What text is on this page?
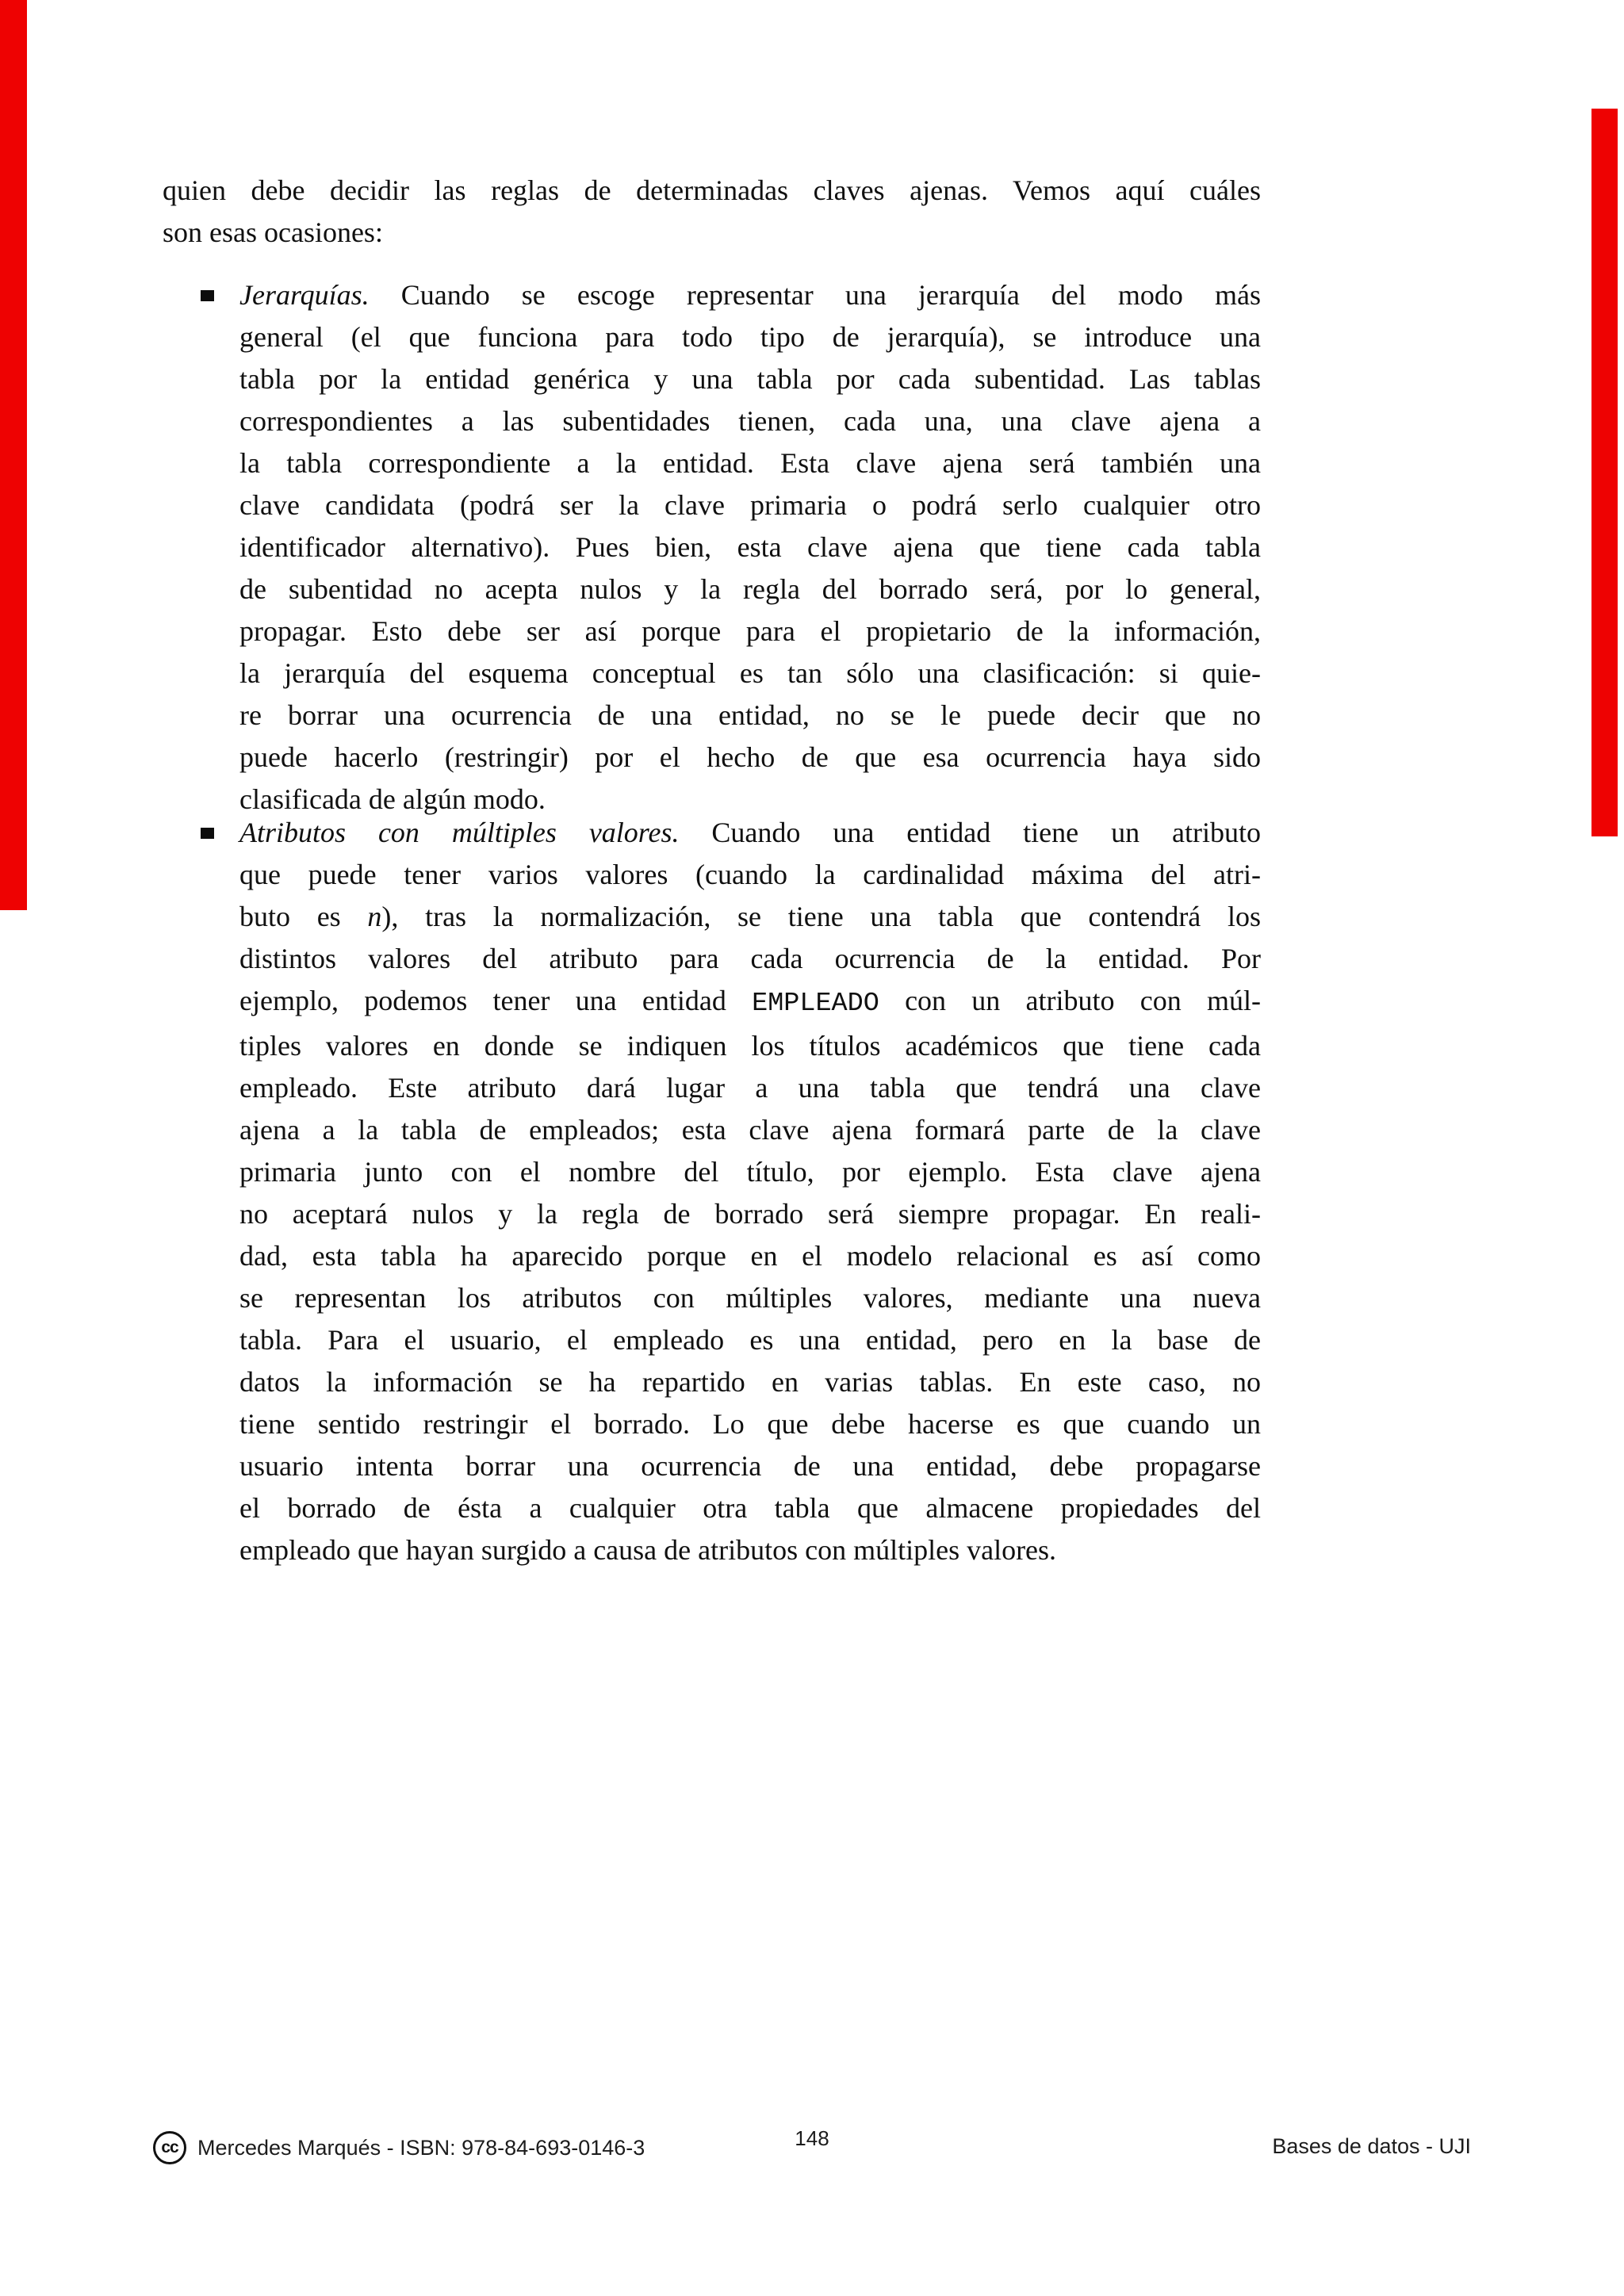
quien debe decidir las reglas de determinadas claves ajenas. Vemos aquí cuáles
son esas ocasiones:
Jerarquías. Cuando se escoge representar una jerarquía del modo más
general (el que funciona para todo tipo de jerarquía), se introduce una
tabla por la entidad genérica y una tabla por cada subentidad. Las tablas
correspondientes a las subentidades tienen, cada una, una clave ajena a
la tabla correspondiente a la entidad. Esta clave ajena será también una
clave candidata (podrá ser la clave primaria o podrá serlo cualquier otro
identificador alternativo). Pues bien, esta clave ajena que tiene cada tabla
de subentidad no acepta nulos y la regla del borrado será, por lo general,
propagar. Esto debe ser así porque para el propietario de la información,
la jerarquía del esquema conceptual es tan sólo una clasificación: si quie-
re borrar una ocurrencia de una entidad, no se le puede decir que no
puede hacerlo (restringir) por el hecho de que esa ocurrencia haya sido
clasificada de algún modo.
Atributos con múltiples valores. Cuando una entidad tiene un atributo
que puede tener varios valores (cuando la cardinalidad máxima del atri-
buto es n), tras la normalización, se tiene una tabla que contendrá los
distintos valores del atributo para cada ocurrencia de la entidad. Por
ejemplo, podemos tener una entidad EMPLEADO con un atributo con múl-
tiples valores en donde se indiquen los títulos académicos que tiene cada
empleado. Este atributo dará lugar a una tabla que tendrá una clave
ajena a la tabla de empleados; esta clave ajena formará parte de la clave
primaria junto con el nombre del título, por ejemplo. Esta clave ajena
no aceptará nulos y la regla de borrado será siempre propagar. En reali-
dad, esta tabla ha aparecido porque en el modelo relacional es así como
se representan los atributos con múltiples valores, mediante una nueva
tabla. Para el usuario, el empleado es una entidad, pero en la base de
datos la información se ha repartido en varias tablas. En este caso, no
tiene sentido restringir el borrado. Lo que debe hacerse es que cuando un
usuario intenta borrar una ocurrencia de una entidad, debe propagarse
el borrado de ésta a cualquier otra tabla que almacene propiedades del
empleado que hayan surgido a causa de atributos con múltiples valores.
cc Mercedes Marqués - ISBN: 978-84-693-0146-3	148	Bases de datos - UJI
